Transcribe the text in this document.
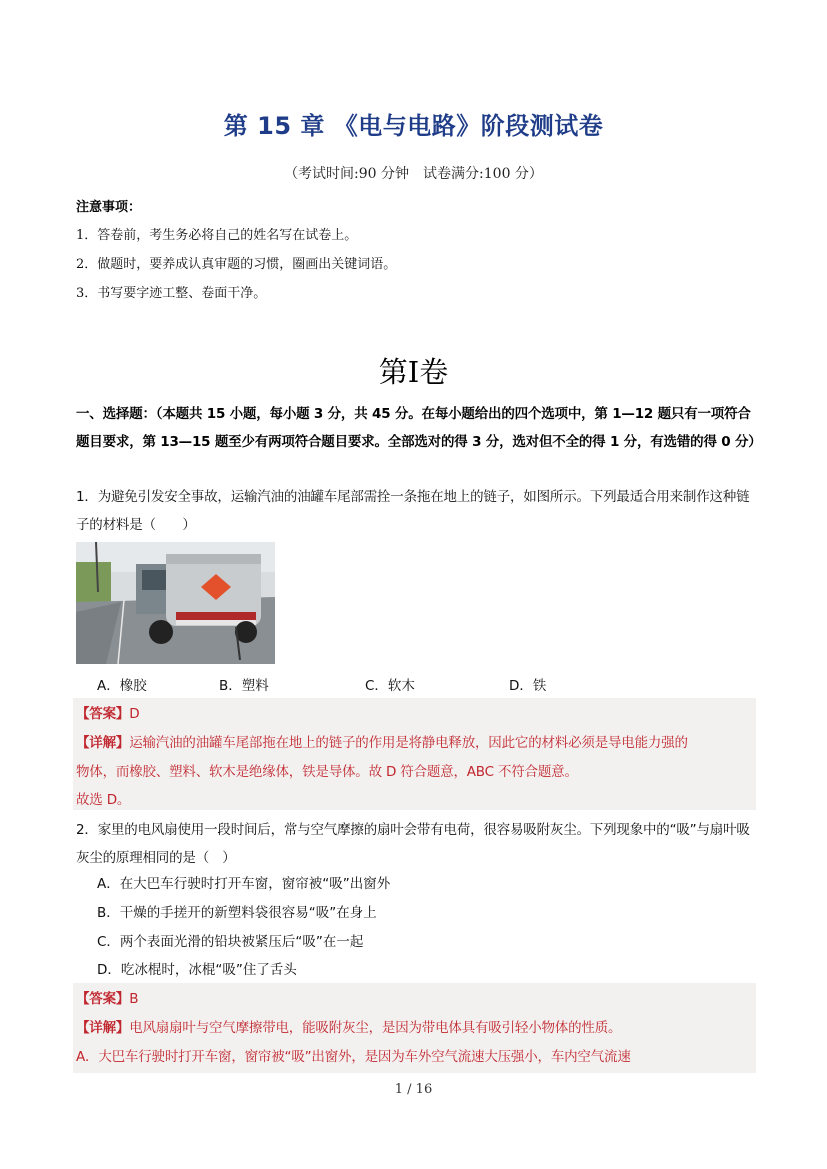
第 15 章 《电与电路》阶段测试卷
（考试时间:90 分钟　试卷满分:100 分）
注意事项：
1．答卷前，考生务必将自己的姓名写在试卷上。
2．做题时，要养成认真审题的习惯，圈画出关键词语。
3．书写要字迹工整、卷面干净。
第Ⅰ卷
一、选择题：（本题共 15 小题，每小题 3 分，共 45 分。在每小题给出的四个选项中，第 1—12 题只有一项符合题目要求，第 13—15 题至少有两项符合题目要求。全部选对的得 3 分，选对但不全的得 1 分，有选错的得 0 分）
1．为避免引发安全事故，运输汽油的油罐车尾部需拴一条拖在地上的链子，如图所示。下列最适合用来制作这种链子的材料是（　　）
A．橡胶	B．塑料	C．软木	D．铁
【答案】D
【详解】运输汽油的油罐车尾部拖在地上的链子的作用是将静电释放，因此它的材料必须是导电能力强的
物体，而橡胶、塑料、软木是绝缘体，铁是导体。故 D 符合题意，ABC 不符合题意。
故选 D。
2．家里的电风扇使用一段时间后，常与空气摩擦的扇叶会带有电荷，很容易吸附灰尘。下列现象中的“吸”与扇叶吸灰尘的原理相同的是（　）
A．在大巴车行驶时打开车窗，窗帘被“吸”出窗外
B．干燥的手搓开的新塑料袋很容易“吸”在身上
C．两个表面光滑的铅块被紧压后“吸”在一起
D．吃冰棍时，冰棍“吸”住了舌头
【答案】B
【详解】电风扇扇叶与空气摩擦带电，能吸附灰尘，是因为带电体具有吸引轻小物体的性质。
A．大巴车行驶时打开车窗，窗帘被“吸”出窗外，是因为车外空气流速大压强小，车内空气流速
1 / 16
